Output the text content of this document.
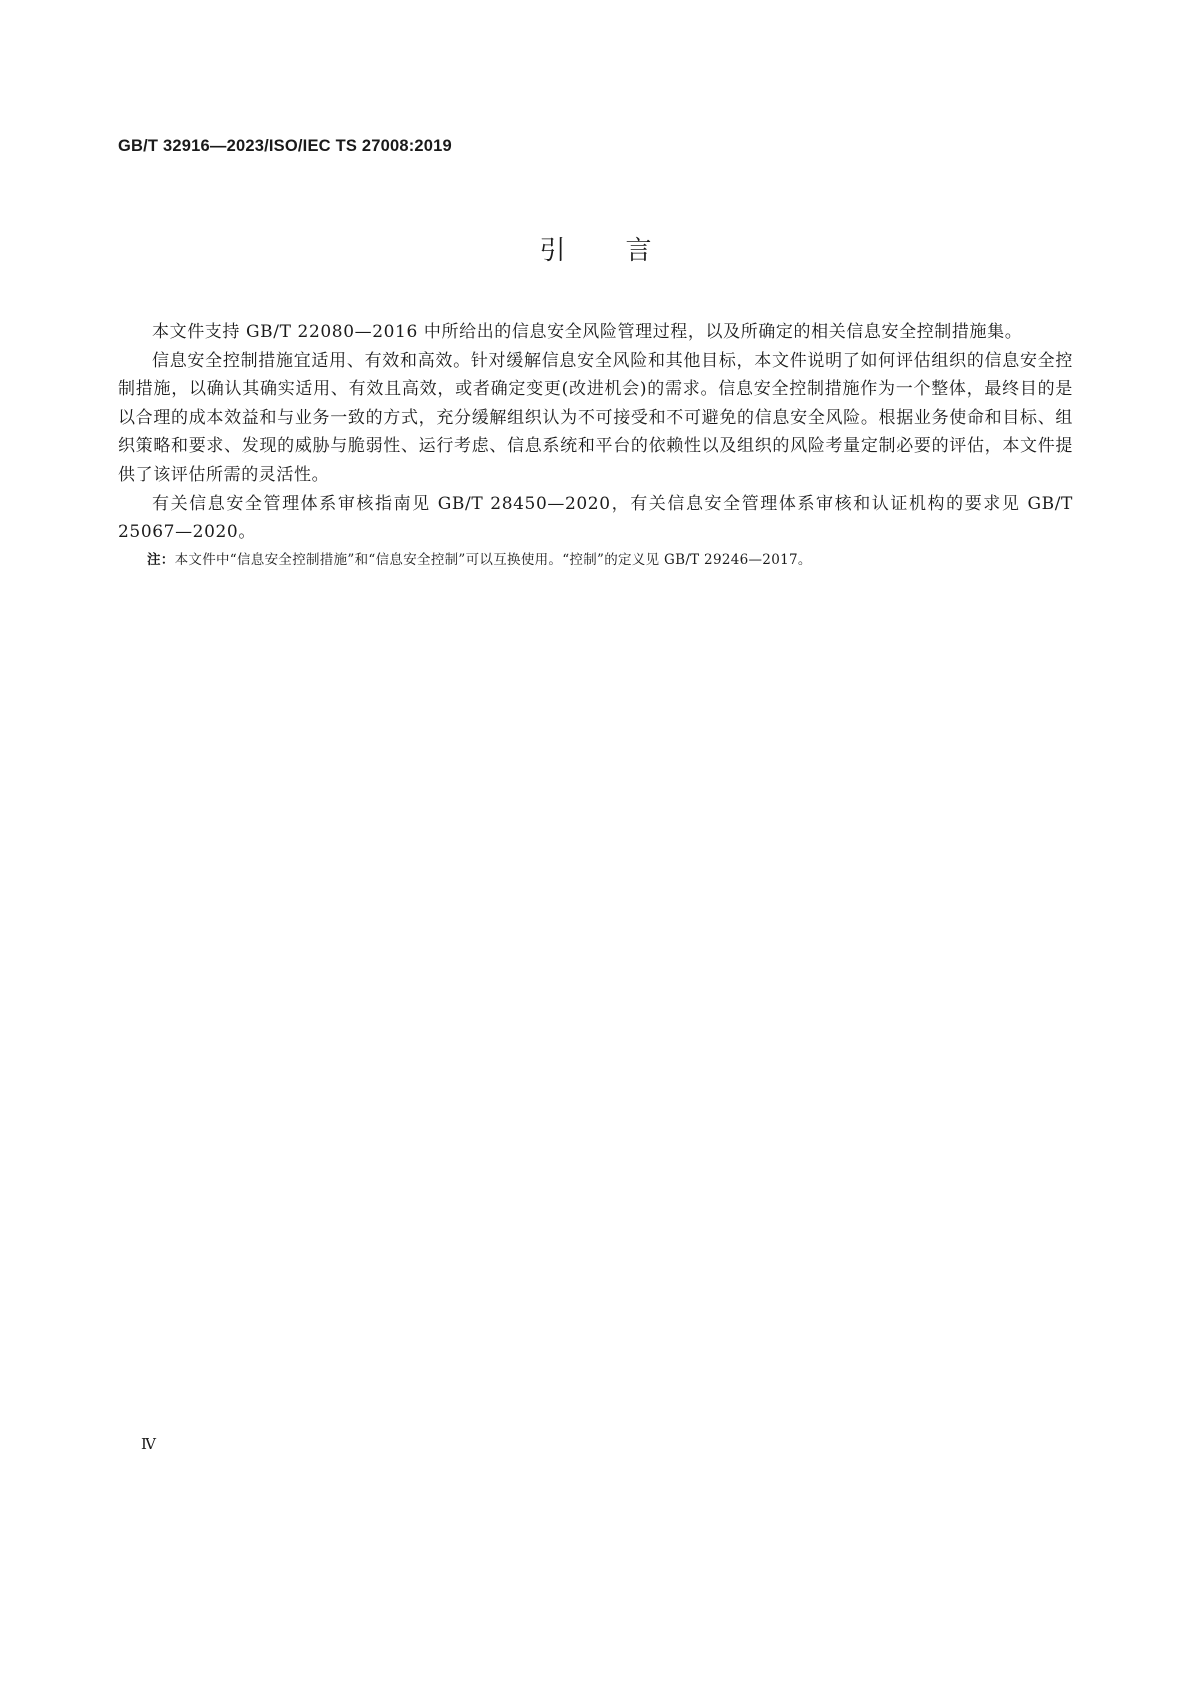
GB/T 32916—2023/ISO/IEC TS 27008:2019
引言

本文件支持 GB/T 22080—2016 中所给出的信息安全风险管理过程，以及所确定的相关信息安全控制措施集。

信息安全控制措施宜适用、有效和高效。针对缓解信息安全风险和其他目标，本文件说明了如何评估组织的信息安全控制措施，以确认其确实适用、有效且高效，或者确定变更(改进机会)的需求。信息安全控制措施作为一个整体，最终目的是以合理的成本效益和与业务一致的方式，充分缓解组织认为不可接受和不可避免的信息安全风险。根据业务使命和目标、组织策略和要求、发现的威胁与脆弱性、运行考虑、信息系统和平台的依赖性以及组织的风险考量定制必要的评估，本文件提供了该评估所需的灵活性。

有关信息安全管理体系审核指南见 GB/T 28450—2020，有关信息安全管理体系审核和认证机构的要求见 GB/T 25067—2020。

注：本文件中“信息安全控制措施”和“信息安全控制”可以互换使用。“控制”的定义见 GB/T 29246—2017。
Ⅳ
